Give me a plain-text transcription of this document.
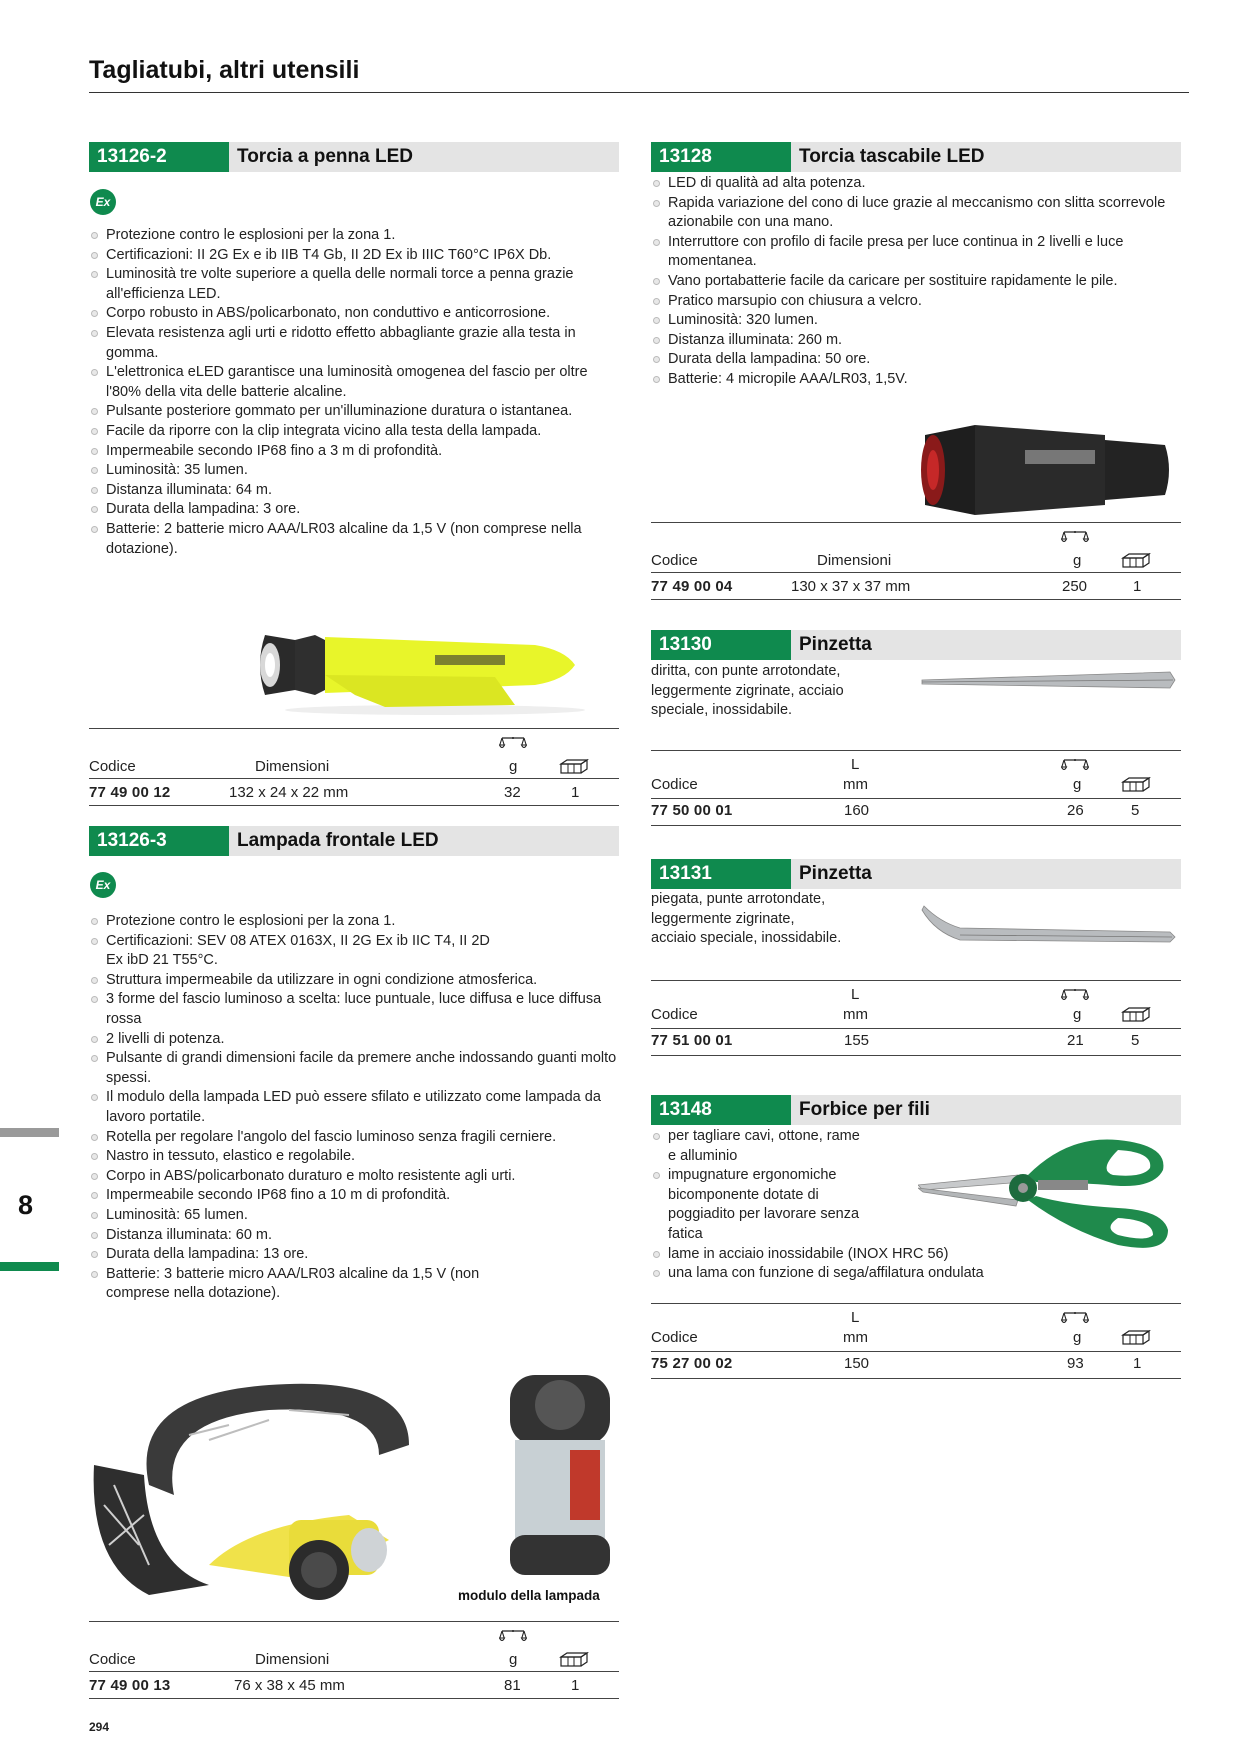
Tagliatubi, altri utensili
13126-2	Torcia a penna LED
Ex
Protezione contro le esplosioni per la zona 1.
Certificazioni: II 2G Ex e ib IIB T4 Gb, II 2D Ex ib IIIC T60°C IP6X Db.
Luminosità tre volte superiore a quella delle normali torce a penna grazie all'efficienza LED.
Corpo robusto in ABS/policarbonato, non conduttivo e anticorrosione.
Elevata resistenza agli urti e ridotto effetto abbagliante grazie alla testa in gomma.
L'elettronica eLED garantisce una luminosità omogenea del fascio per oltre l'80% della vita delle batterie alcaline.
Pulsante posteriore gommato per un'illuminazione duratura o istantanea.
Facile da riporre con la clip integrata vicino alla testa della lampada.
Impermeabile secondo IP68 fino a 3 m di profondità.
Luminosità: 35 lumen.
Distanza illuminata: 64 m.
Durata della lampadina: 3 ore.
Batterie: 2 batterie micro AAA/LR03 alcaline da 1,5 V (non comprese nella dotazione).
Codice	Dimensioni	g
77 49 00 12	132 x 24 x 22 mm	32	1
13126-3	Lampada frontale LED
Ex
Protezione contro le esplosioni per la zona 1.
Certificazioni: SEV 08 ATEX 0163X, II 2G Ex ib IIC T4, II 2D Ex ibD 21 T55°C.
Struttura impermeabile da utilizzare in ogni condizione atmosferica.
3 forme del fascio luminoso a scelta: luce puntuale, luce diffusa e luce diffusa rossa
2 livelli di potenza.
Pulsante di grandi dimensioni facile da premere anche indossando guanti molto spessi.
Il modulo della lampada LED può essere sfilato e utilizzato come lampada da lavoro portatile.
Rotella per regolare l'angolo del fascio luminoso senza fragili cerniere.
Nastro in tessuto, elastico e regolabile.
Corpo in ABS/policarbonato duraturo e molto resistente agli urti.
Impermeabile secondo IP68 fino a 10 m di profondità.
Luminosità: 65 lumen.
Distanza illuminata: 60 m.
Durata della lampadina: 13 ore.
Batterie: 3 batterie micro AAA/LR03 alcaline da 1,5 V (non comprese nella dotazione).
modulo della lampada
Codice	Dimensioni	g
77 49 00 13	76 x 38 x 45 mm	81	1
13128	Torcia tascabile LED
LED di qualità ad alta potenza.
Rapida variazione del cono di luce grazie al meccanismo con slitta scorrevole azionabile con una mano.
Interruttore con profilo di facile presa per luce continua in 2 livelli e luce momentanea.
Vano portabatterie facile da caricare per sostituire rapidamente le pile.
Pratico marsupio con chiusura a velcro.
Luminosità: 320 lumen.
Distanza illuminata: 260 m.
Durata della lampadina: 50 ore.
Batterie: 4 micropile AAA/LR03, 1,5V.
Codice	Dimensioni	g
77 49 00 04	130 x 37 x 37 mm	250	1
13130	Pinzetta
diritta, con punte arrotondate,
leggermente zigrinate, acciaio
speciale, inossidabile.
L
Codice	mm	g
77 50 00 01	160	26	5
13131	Pinzetta
piegata, punte arrotondate,
leggermente zigrinate,
acciaio speciale, inossidabile.
L
Codice	mm	g
77 51 00 01	155	21	5
13148	Forbice per fili
per tagliare cavi, ottone, rame e alluminio
impugnature ergonomiche bicomponente dotate di poggiadito per lavorare senza fatica
lame in acciaio inossidabile (INOX HRC 56)
una lama con funzione di sega/affilatura ondulata
L
Codice	mm	g
75 27 00 02	150	93	1
8
294
